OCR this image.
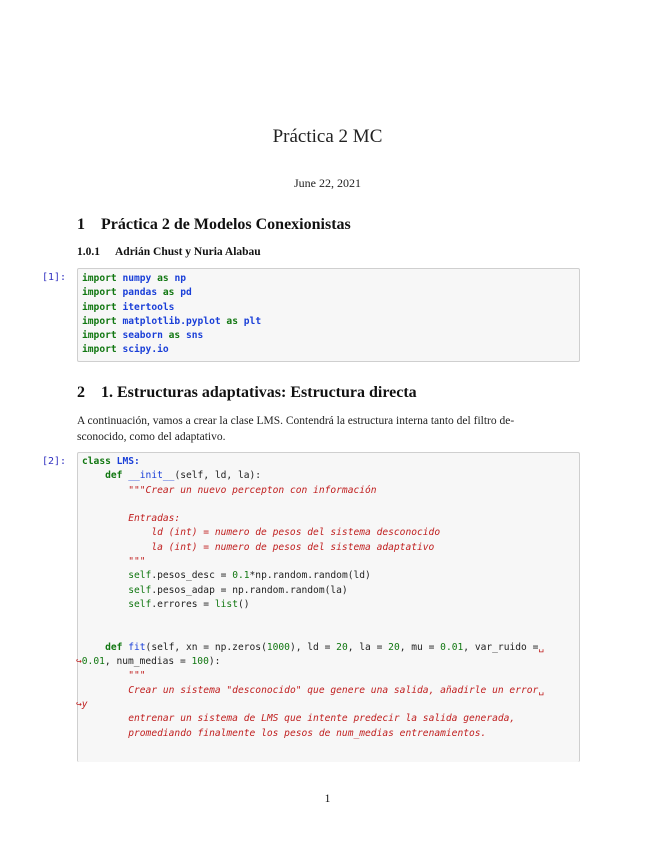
Práctica 2 MC
June 22, 2021
1 Práctica 2 de Modelos Conexionistas
1.0.1 Adrián Chust y Nuria Alabau
[1]: import numpy as np
import pandas as pd
import itertools
import matplotlib.pyplot as plt
import seaborn as sns
import scipy.io
2 1. Estructuras adaptativas: Estructura directa
A continuación, vamos a crear la clase LMS. Contendrá la estructura interna tanto del filtro de-
sconocido, como del adaptativo.
[2]: class LMS:
def __init__(self, ld, la):
"""Crear un nuevo percepton con información

Entradas:
ld (int) = numero de pesos del sistema desconocido
la (int) = numero de pesos del sistema adaptativo
"""
self.pesos_desc = 0.1*np.random.random(ld)
self.pesos_adap = np.random.random(la)
self.errores = list()

def fit(self, xn = np.zeros(1000), ld = 20, la = 20, mu = 0.01, var_ruido =␣
↪0.01, num_medias = 100):
"""
Crear un sistema "desconocido" que genere una salida, añadirle un error␣
↪y
entrenar un sistema de LMS que intente predecir la salida generada,
promediando finalmente los pesos de num_medias entrenamientos.
1
